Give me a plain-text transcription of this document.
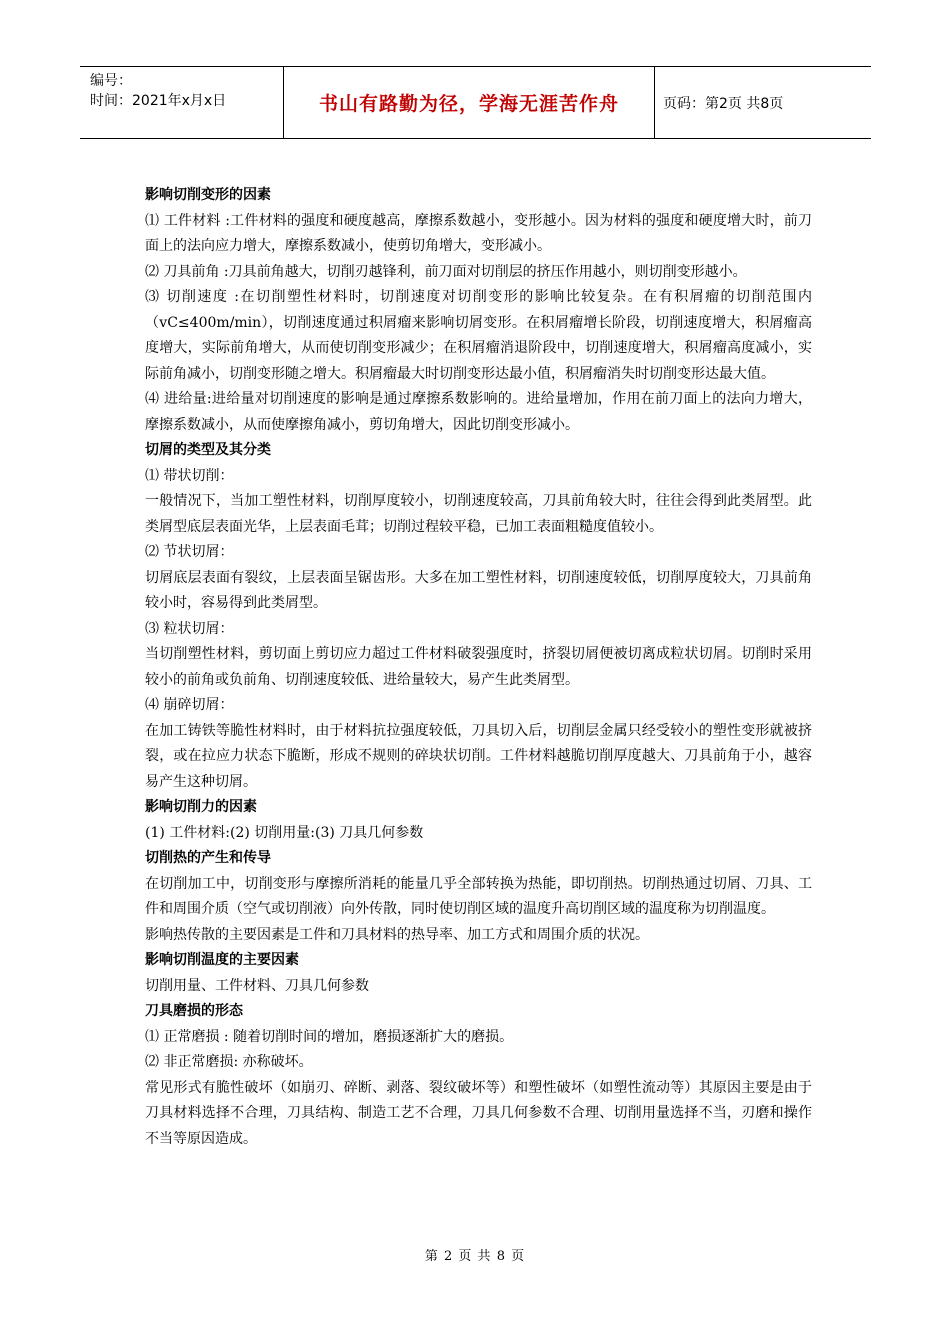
编号：
时间：2021年x月x日	书山有路勤为径，学海无涯苦作舟	页码：第2页 共8页

影响切削变形的因素

⑴ 工件材料 :工件材料的强度和硬度越高，摩擦系数越小，变形越小。因为材料的强度和硬度增大时，前刀面上的法向应力增大，摩擦系数减小，使剪切角增大，变形减小。

⑵ 刀具前角 :刀具前角越大，切削刃越锋利，前刀面对切削层的挤压作用越小，则切削变形越小。

⑶ 切削速度 :在切削塑性材料时，切削速度对切削变形的影响比较复杂。在有积屑瘤的切削范围内（vC≤400m/min），切削速度通过积屑瘤来影响切屑变形。在积屑瘤增长阶段，切削速度增大，积屑瘤高度增大，实际前角增大，从而使切削变形减少；在积屑瘤消退阶段中，切削速度增大，积屑瘤高度减小，实际前角减小，切削变形随之增大。积屑瘤最大时切削变形达最小值，积屑瘤消失时切削变形达最大值。

⑷ 进给量:进给量对切削速度的影响是通过摩擦系数影响的。进给量增加，作用在前刀面上的法向力增大，摩擦系数减小，从而使摩擦角减小，剪切角增大，因此切削变形减小。

切屑的类型及其分类

⑴ 带状切削：

一般情况下，当加工塑性材料，切削厚度较小，切削速度较高，刀具前角较大时，往往会得到此类屑型。此类屑型底层表面光华，上层表面毛茸；切削过程较平稳，已加工表面粗糙度值较小。

⑵ 节状切屑：

切屑底层表面有裂纹，上层表面呈锯齿形。大多在加工塑性材料，切削速度较低，切削厚度较大，刀具前角较小时，容易得到此类屑型。

⑶ 粒状切屑：

当切削塑性材料，剪切面上剪切应力超过工件材料破裂强度时，挤裂切屑便被切离成粒状切屑。切削时采用较小的前角或负前角、切削速度较低、进给量较大，易产生此类屑型。

⑷ 崩碎切屑：

在加工铸铁等脆性材料时，由于材料抗拉强度较低，刀具切入后，切削层金属只经受较小的塑性变形就被挤裂，或在拉应力状态下脆断，形成不规则的碎块状切削。工件材料越脆切削厚度越大、刀具前角于小，越容易产生这种切屑。

影响切削力的因素

(1) 工件材料:(2) 切削用量:(3) 刀具几何参数

切削热的产生和传导

在切削加工中，切削变形与摩擦所消耗的能量几乎全部转换为热能，即切削热。切削热通过切屑、刀具、工件和周围介质（空气或切削液）向外传散，同时使切削区域的温度升高切削区域的温度称为切削温度。

影响热传散的主要因素是工件和刀具材料的热导率、加工方式和周围介质的状况。

影响切削温度的主要因素

切削用量、工件材料、刀具几何参数

刀具磨损的形态

⑴ 正常磨损 : 随着切削时间的增加，磨损逐渐扩大的磨损。

⑵ 非正常磨损: 亦称破坏。

常见形式有脆性破坏（如崩刃、碎断、剥落、裂纹破坏等）和塑性破坏（如塑性流动等）其原因主要是由于刀具材料选择不合理，刀具结构、制造工艺不合理，刀具几何参数不合理、切削用量选择不当，刃磨和操作不当等原因造成。

第 2 页 共 8 页
